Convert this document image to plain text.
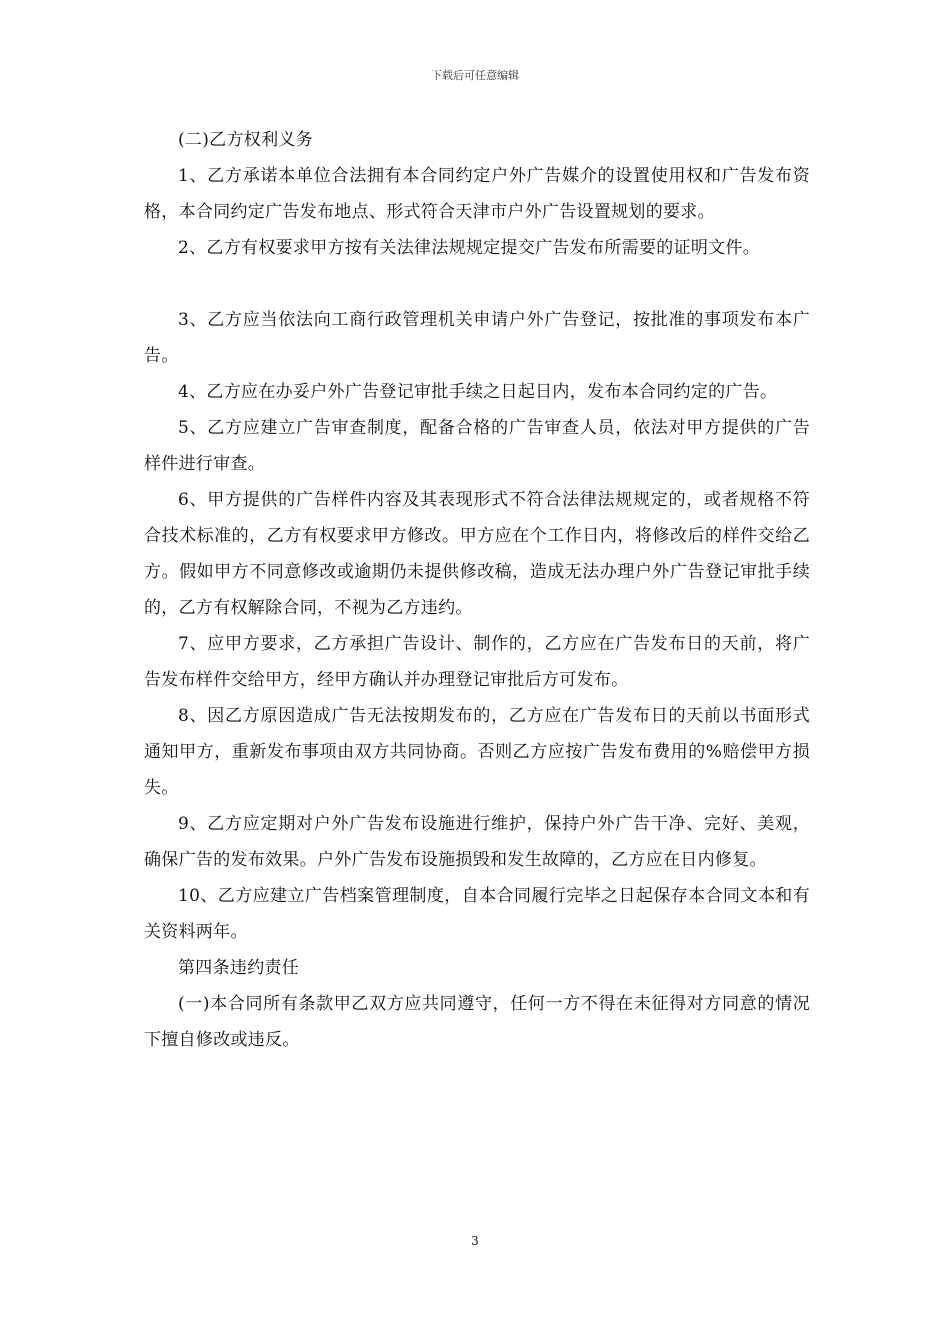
下载后可任意编辑

(二)乙方权利义务

1、乙方承诺本单位合法拥有本合同约定户外广告媒介的设置使用权和广告发布资格，本合同约定广告发布地点、形式符合天津市户外广告设置规划的要求。

2、乙方有权要求甲方按有关法律法规规定提交广告发布所需要的证明文件。

3、乙方应当依法向工商行政管理机关申请户外广告登记，按批准的事项发布本广告。

4、乙方应在办妥户外广告登记审批手续之日起日内，发布本合同约定的广告。

5、乙方应建立广告审查制度，配备合格的广告审查人员，依法对甲方提供的广告样件进行审查。

6、甲方提供的广告样件内容及其表现形式不符合法律法规规定的，或者规格不符合技术标准的，乙方有权要求甲方修改。甲方应在个工作日内，将修改后的样件交给乙方。假如甲方不同意修改或逾期仍未提供修改稿，造成无法办理户外广告登记审批手续的，乙方有权解除合同，不视为乙方违约。

7、应甲方要求，乙方承担广告设计、制作的，乙方应在广告发布日的天前，将广告发布样件交给甲方，经甲方确认并办理登记审批后方可发布。

8、因乙方原因造成广告无法按期发布的，乙方应在广告发布日的天前以书面形式通知甲方，重新发布事项由双方共同协商。否则乙方应按广告发布费用的%赔偿甲方损失。

9、乙方应定期对户外广告发布设施进行维护，保持户外广告干净、完好、美观，确保广告的发布效果。户外广告发布设施损毁和发生故障的，乙方应在日内修复。

10、乙方应建立广告档案管理制度，自本合同履行完毕之日起保存本合同文本和有关资料两年。

第四条违约责任

(一)本合同所有条款甲乙双方应共同遵守，任何一方不得在未征得对方同意的情况下擅自修改或违反。

3
